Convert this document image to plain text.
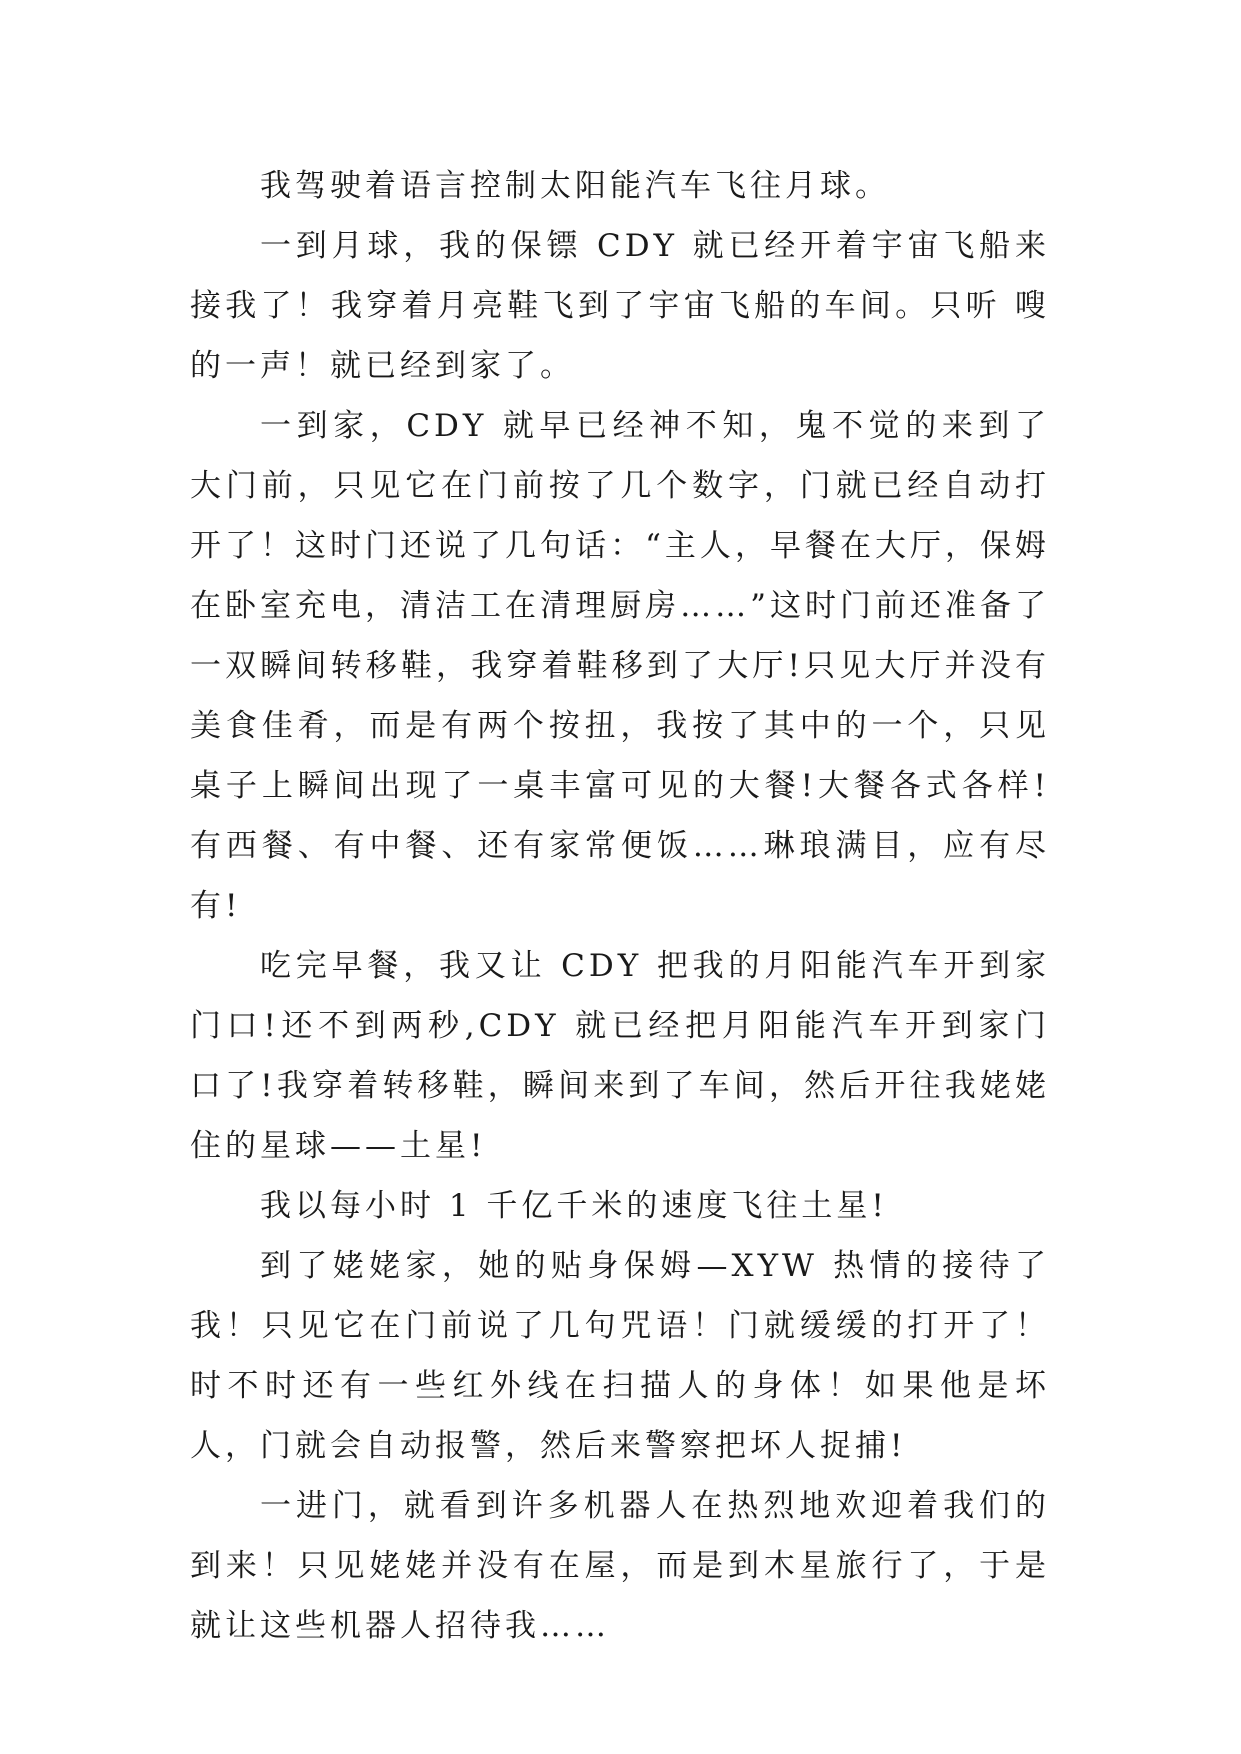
我驾驶着语言控制太阳能汽车飞往月球。

一到月球，我的保镖 CDY 就已经开着宇宙飞船来接我了！我穿着月亮鞋飞到了宇宙飞船的车间。只听 嗖的一声！就已经到家了。

一到家，CDY 就早已经神不知，鬼不觉的来到了大门前，只见它在门前按了几个数字，门就已经自动打开了！这时门还说了几句话：“主人，早餐在大厅，保姆在卧室充电，清洁工在清理厨房……”这时门前还准备了一双瞬间转移鞋，我穿着鞋移到了大厅!只见大厅并没有美食佳肴，而是有两个按扭，我按了其中的一个，只见桌子上瞬间出现了一桌丰富可见的大餐!大餐各式各样!有西餐、有中餐、还有家常便饭……琳琅满目，应有尽有!

吃完早餐，我又让 CDY 把我的月阳能汽车开到家门口!还不到两秒,CDY 就已经把月阳能汽车开到家门口了!我穿着转移鞋，瞬间来到了车间，然后开往我姥姥住的星球——土星!

我以每小时 1 千亿千米的速度飞往土星!

到了姥姥家，她的贴身保姆—XYW 热情的接待了我！只见它在门前说了几句咒语！门就缓缓的打开了！时不时还有一些红外线在扫描人的身体！如果他是坏人，门就会自动报警，然后来警察把坏人捉捕!

一进门，就看到许多机器人在热烈地欢迎着我们的到来！只见姥姥并没有在屋，而是到木星旅行了，于是就让这些机器人招待我……
